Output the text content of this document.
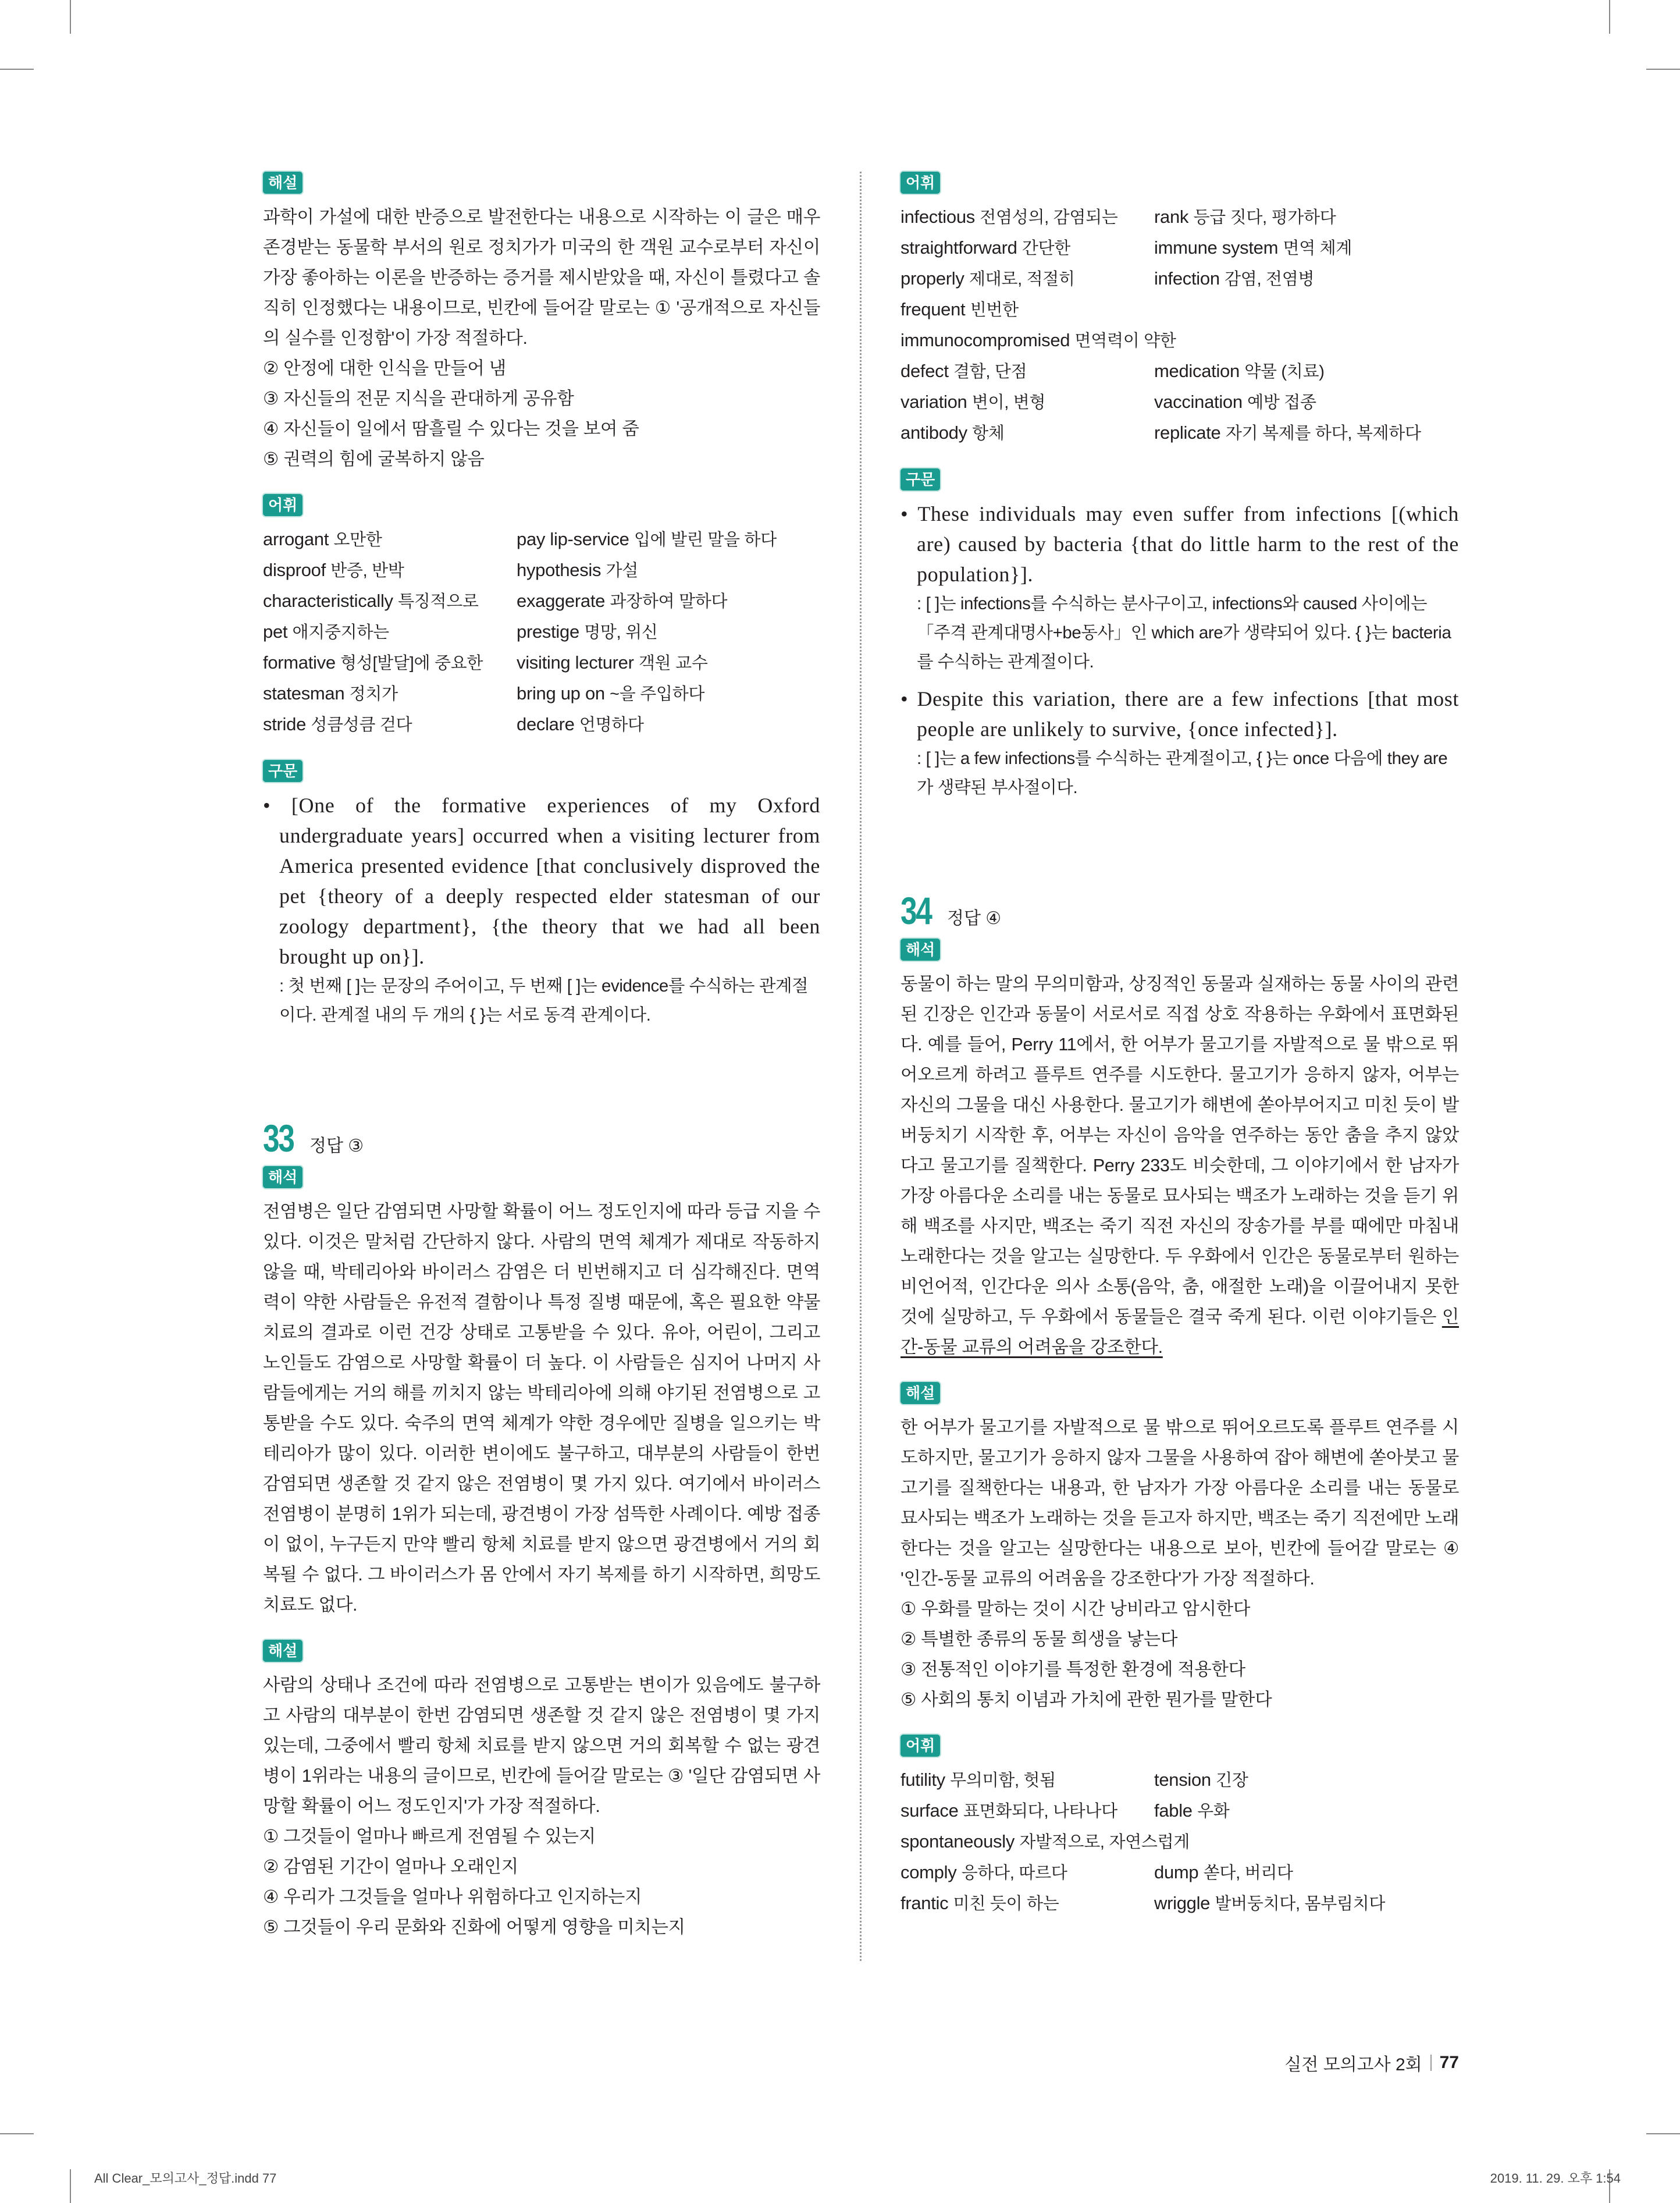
해설

과학이 가설에 대한 반증으로 발전한다는 내용으로 시작하는 이 글은 매우 존경받는 동물학 부서의 원로 정치가가 미국의 한 객원 교수로부터 자신이 가장 좋아하는 이론을 반증하는 증거를 제시받았을 때, 자신이 틀렸다고 솔직히 인정했다는 내용이므로, 빈칸에 들어갈 말로는 ① '공개적으로 자신들의 실수를 인정함'이 가장 적절하다.

② 안정에 대한 인식을 만들어 냄

③ 자신들의 전문 지식을 관대하게 공유함

④ 자신들이 일에서 땀흘릴 수 있다는 것을 보여 줌

⑤ 권력의 힘에 굴복하지 않음

어휘
arrogant 오만한	pay lip-service 입에 발린 말을 하다
disproof 반증, 반박	hypothesis 가설
characteristically 특징적으로	exaggerate 과장하여 말하다
pet 애지중지하는	prestige 명망, 위신
formative 형성[발달]에 중요한	visiting lecturer 객원 교수
statesman 정치가	bring up on ~을 주입하다
stride 성큼성큼 걷다	declare 언명하다
구문

• [One of the formative experiences of my Oxford undergraduate years] occurred when a visiting lecturer from America presented evidence [that conclusively disproved the pet {theory of a deeply respected elder statesman of our zoology department}, {the theory that we had all been brought up on}].

: 첫 번째 [ ]는 문장의 주어이고, 두 번째 [ ]는 evidence를 수식하는 관계절이다. 관계절 내의 두 개의 { }는 서로 동격 관계이다.

33 정답 ③
해석

전염병은 일단 감염되면 사망할 확률이 어느 정도인지에 따라 등급 지을 수 있다. 이것은 말처럼 간단하지 않다. 사람의 면역 체계가 제대로 작동하지 않을 때, 박테리아와 바이러스 감염은 더 빈번해지고 더 심각해진다. 면역력이 약한 사람들은 유전적 결함이나 특정 질병 때문에, 혹은 필요한 약물 치료의 결과로 이런 건강 상태로 고통받을 수 있다. 유아, 어린이, 그리고 노인들도 감염으로 사망할 확률이 더 높다. 이 사람들은 심지어 나머지 사람들에게는 거의 해를 끼치지 않는 박테리아에 의해 야기된 전염병으로 고통받을 수도 있다. 숙주의 면역 체계가 약한 경우에만 질병을 일으키는 박테리아가 많이 있다. 이러한 변이에도 불구하고, 대부분의 사람들이 한번 감염되면 생존할 것 같지 않은 전염병이 몇 가지 있다. 여기에서 바이러스 전염병이 분명히 1위가 되는데, 광견병이 가장 섬뜩한 사례이다. 예방 접종이 없이, 누구든지 만약 빨리 항체 치료를 받지 않으면 광견병에서 거의 회복될 수 없다. 그 바이러스가 몸 안에서 자기 복제를 하기 시작하면, 희망도 치료도 없다.

해설

사람의 상태나 조건에 따라 전염병으로 고통받는 변이가 있음에도 불구하고 사람의 대부분이 한번 감염되면 생존할 것 같지 않은 전염병이 몇 가지 있는데, 그중에서 빨리 항체 치료를 받지 않으면 거의 회복할 수 없는 광견병이 1위라는 내용의 글이므로, 빈칸에 들어갈 말로는 ③ '일단 감염되면 사망할 확률이 어느 정도인지'가 가장 적절하다.

① 그것들이 얼마나 빠르게 전염될 수 있는지

② 감염된 기간이 얼마나 오래인지

④ 우리가 그것들을 얼마나 위험하다고 인지하는지

⑤ 그것들이 우리 문화와 진화에 어떻게 영향을 미치는지

어휘
infectious 전염성의, 감염되는	rank 등급 짓다, 평가하다
straightforward 간단한	immune system 면역 체계
properly 제대로, 적절히	infection 감염, 전염병
frequent 빈번한
immunocompromised 면역력이 약한
defect 결함, 단점	medication 약물 (치료)
variation 변이, 변형	vaccination 예방 접종
antibody 항체	replicate 자기 복제를 하다, 복제하다
구문

• These individuals may even suffer from infections [(which are) caused by bacteria {that do little harm to the rest of the population}].

: [ ]는 infections를 수식하는 분사구이고, infections와 caused 사이에는 「주격 관계대명사+be동사」인 which are가 생략되어 있다. { }는 bacteria를 수식하는 관계절이다.

• Despite this variation, there are a few infections [that most people are unlikely to survive, {once infected}].

: [ ]는 a few infections를 수식하는 관계절이고, { }는 once 다음에 they are가 생략된 부사절이다.

34 정답 ④
해석

동물이 하는 말의 무의미함과, 상징적인 동물과 실재하는 동물 사이의 관련된 긴장은 인간과 동물이 서로서로 직접 상호 작용하는 우화에서 표면화된다. 예를 들어, Perry 11에서, 한 어부가 물고기를 자발적으로 물 밖으로 뛰어오르게 하려고 플루트 연주를 시도한다. 물고기가 응하지 않자, 어부는 자신의 그물을 대신 사용한다. 물고기가 해변에 쏟아부어지고 미친 듯이 발버둥치기 시작한 후, 어부는 자신이 음악을 연주하는 동안 춤을 추지 않았다고 물고기를 질책한다. Perry 233도 비슷한데, 그 이야기에서 한 남자가 가장 아름다운 소리를 내는 동물로 묘사되는 백조가 노래하는 것을 듣기 위해 백조를 사지만, 백조는 죽기 직전 자신의 장송가를 부를 때에만 마침내 노래한다는 것을 알고는 실망한다. 두 우화에서 인간은 동물로부터 원하는 비언어적, 인간다운 의사 소통(음악, 춤, 애절한 노래)을 이끌어내지 못한 것에 실망하고, 두 우화에서 동물들은 결국 죽게 된다. 이런 이야기들은 인간-동물 교류의 어려움을 강조한다.

해설

한 어부가 물고기를 자발적으로 물 밖으로 뛰어오르도록 플루트 연주를 시도하지만, 물고기가 응하지 않자 그물을 사용하여 잡아 해변에 쏟아붓고 물고기를 질책한다는 내용과, 한 남자가 가장 아름다운 소리를 내는 동물로 묘사되는 백조가 노래하는 것을 듣고자 하지만, 백조는 죽기 직전에만 노래한다는 것을 알고는 실망한다는 내용으로 보아, 빈칸에 들어갈 말로는 ④ '인간-동물 교류의 어려움을 강조한다'가 가장 적절하다.

① 우화를 말하는 것이 시간 낭비라고 암시한다

② 특별한 종류의 동물 희생을 낳는다

③ 전통적인 이야기를 특정한 환경에 적용한다

⑤ 사회의 통치 이념과 가치에 관한 뭔가를 말한다

어휘
futility 무의미함, 헛됨	tension 긴장
surface 표면화되다, 나타나다	fable 우화
spontaneously 자발적으로, 자연스럽게
comply 응하다, 따르다	dump 쏟다, 버리다
frantic 미친 듯이 하는	wriggle 발버둥치다, 몸부림치다
실전 모의고사 2회 77
All Clear_모의고사_정답.indd 77	2019. 11. 29. 오후 1:54
